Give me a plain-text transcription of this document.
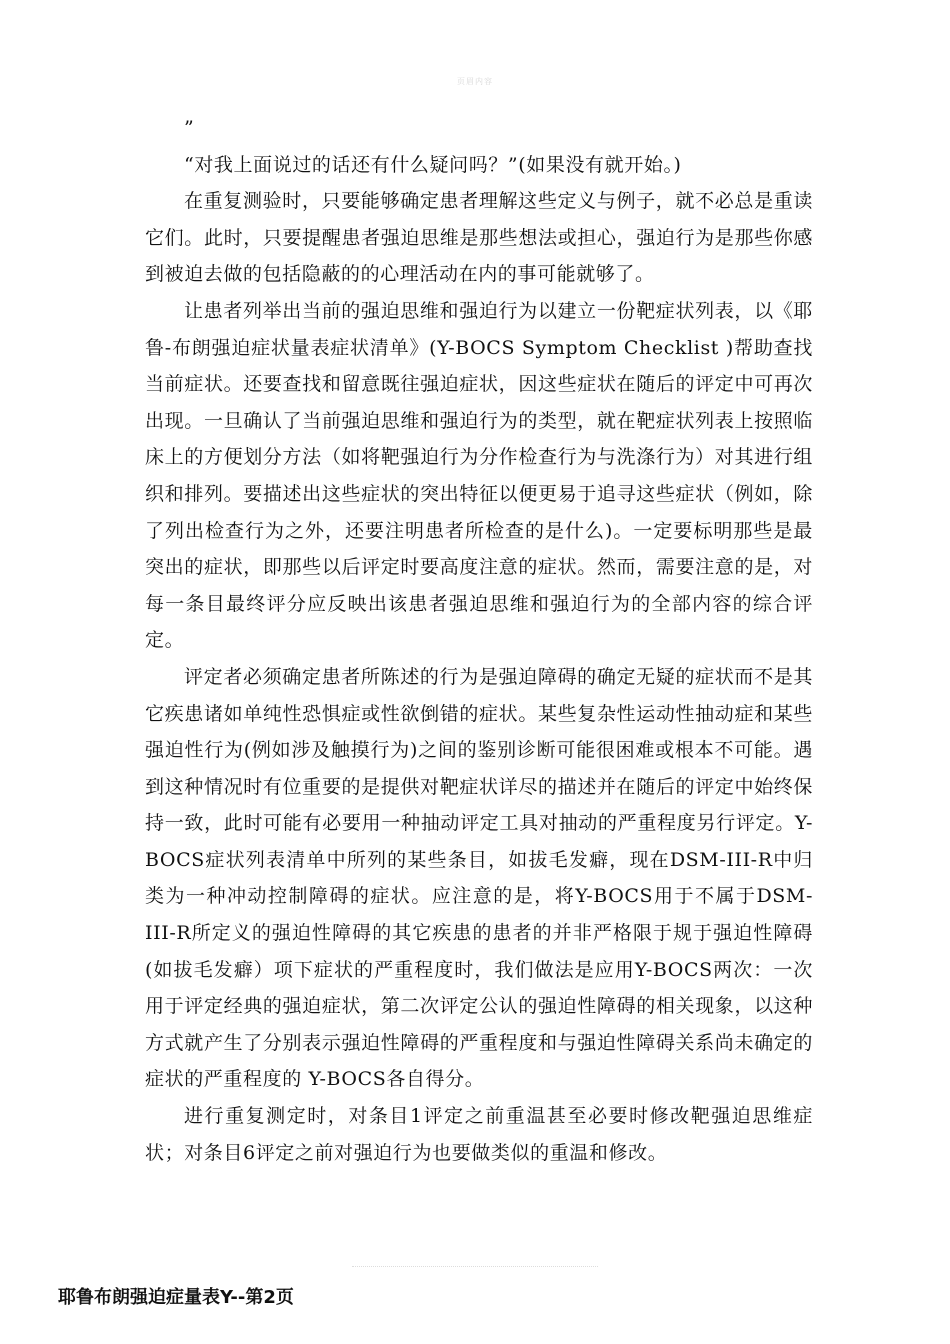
页眉内容

”

“对我上面说过的话还有什么疑问吗？”(如果没有就开始。)

在重复测验时，只要能够确定患者理解这些定义与例子，就不必总是重读它们。此时，只要提醒患者强迫思维是那些想法或担心，强迫行为是那些你感到被迫去做的包括隐蔽的的心理活动在内的事可能就够了。

让患者列举出当前的强迫思维和强迫行为以建立一份靶症状列表，以《耶鲁-布朗强迫症状量表症状清单》(Y-BOCS Symptom Checklist )帮助查找当前症状。还要查找和留意既往强迫症状，因这些症状在随后的评定中可再次出现。一旦确认了当前强迫思维和强迫行为的类型，就在靶症状列表上按照临床上的方便划分方法（如将靶强迫行为分作检查行为与洗涤行为）对其进行组织和排列。要描述出这些症状的突出特征以便更易于追寻这些症状（例如，除了列出检查行为之外，还要注明患者所检查的是什么)。一定要标明那些是最突出的症状，即那些以后评定时要高度注意的症状。然而，需要注意的是，对每一条目最终评分应反映出该患者强迫思维和强迫行为的全部内容的综合评定。

评定者必须确定患者所陈述的行为是强迫障碍的确定无疑的症状而不是其它疾患诸如单纯性恐惧症或性欲倒错的症状。某些复杂性运动性抽动症和某些强迫性行为(例如涉及触摸行为)之间的鉴别诊断可能很困难或根本不可能。遇到这种情况时有位重要的是提供对靶症状详尽的描述并在随后的评定中始终保持一致，此时可能有必要用一种抽动评定工具对抽动的严重程度另行评定。Y-BOCS症状列表清单中所列的某些条目，如拔毛发癖，现在DSM-III-R中归类为一种冲动控制障碍的症状。应注意的是，将Y-BOCS用于不属于DSM-III-R所定义的强迫性障碍的其它疾患的患者的并非严格限于规于强迫性障碍(如拔毛发癖）项下症状的严重程度时，我们做法是应用Y-BOCS两次：一次用于评定经典的强迫症状，第二次评定公认的强迫性障碍的相关现象，以这种方式就产生了分别表示强迫性障碍的严重程度和与强迫性障碍关系尚未确定的症状的严重程度的 Y-BOCS各自得分。

进行重复测定时，对条目1评定之前重温甚至必要时修改靶强迫思维症状；对条目6评定之前对强迫行为也要做类似的重温和修改。

耶鲁布朗强迫症量表Y--第2页
